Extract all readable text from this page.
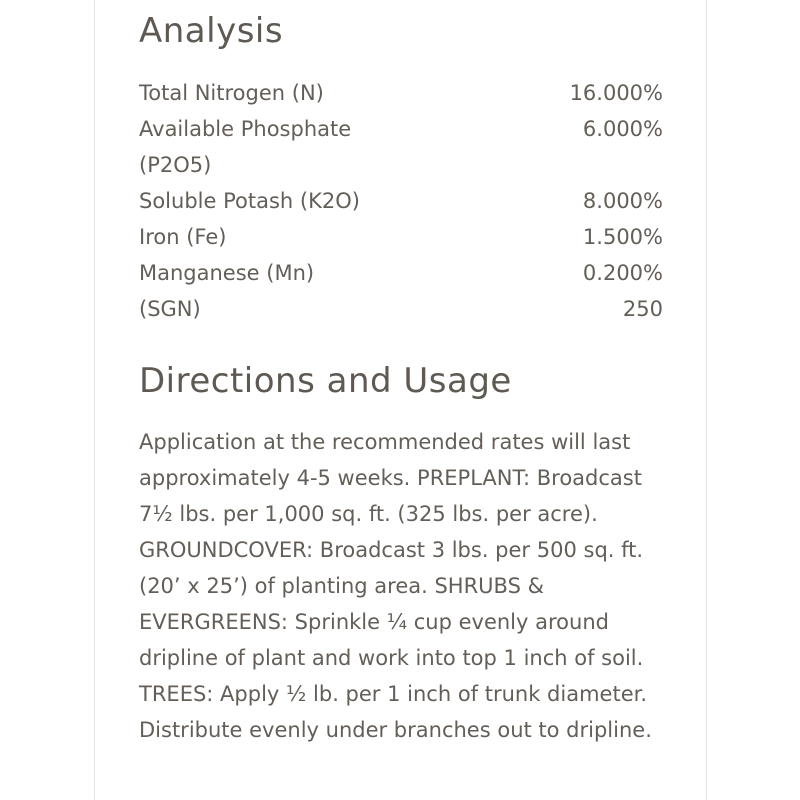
Analysis
Total Nitrogen (N)	16.000%
Available Phosphate (P2O5)	6.000%
Soluble Potash (K2O)	8.000%
Iron (Fe)	1.500%
Manganese (Mn)	0.200%
(SGN)	250
Directions and Usage

Application at the recommended rates will last approximately 4-5 weeks. PREPLANT: Broadcast 7½ lbs. per 1,000 sq. ft. (325 lbs. per acre). GROUNDCOVER: Broadcast 3 lbs. per 500 sq. ft. (20’ x 25’) of planting area. SHRUBS & EVERGREENS: Sprinkle ¼ cup evenly around dripline of plant and work into top 1 inch of soil. TREES: Apply ½ lb. per 1 inch of trunk diameter. Distribute evenly under branches out to dripline.
